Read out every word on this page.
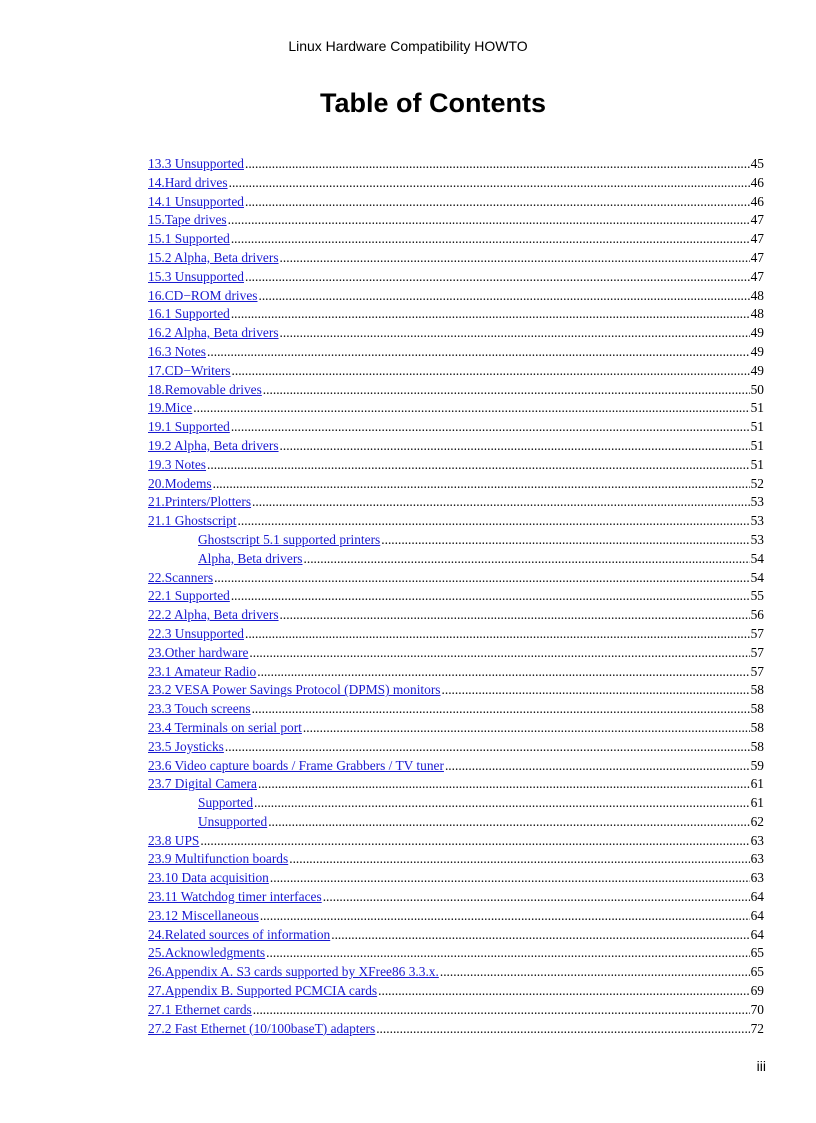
Linux Hardware Compatibility HOWTO
Table of Contents
13.3 Unsupported .....	45
14.Hard drives .....	46
14.1 Unsupported .....	46
15.Tape drives .....	47
15.1 Supported .....	47
15.2 Alpha, Beta drivers .....	47
15.3 Unsupported .....	47
16.CD−ROM drives .....	48
16.1 Supported .....	48
16.2 Alpha, Beta drivers .....	49
16.3 Notes .....	49
17.CD−Writers .....	49
18.Removable drives .....	50
19.Mice .....	51
19.1 Supported .....	51
19.2 Alpha, Beta drivers .....	51
19.3 Notes .....	51
20.Modems .....	52
21.Printers/Plotters .....	53
21.1 Ghostscript .....	53
Ghostscript 5.1 supported printers .....	53
Alpha, Beta drivers .....	54
22.Scanners .....	54
22.1 Supported .....	55
22.2 Alpha, Beta drivers .....	56
22.3 Unsupported .....	57
23.Other hardware .....	57
23.1 Amateur Radio .....	57
23.2 VESA Power Savings Protocol (DPMS) monitors .....	58
23.3 Touch screens .....	58
23.4 Terminals on serial port .....	58
23.5 Joysticks .....	58
23.6 Video capture boards / Frame Grabbers / TV tuner .....	59
23.7 Digital Camera .....	61
Supported .....	61
Unsupported .....	62
23.8 UPS .....	63
23.9 Multifunction boards .....	63
23.10 Data acquisition .....	63
23.11 Watchdog timer interfaces .....	64
23.12 Miscellaneous .....	64
24.Related sources of information .....	64
25.Acknowledgments .....	65
26.Appendix A. S3 cards supported by XFree86 3.3.x. .....	65
27.Appendix B. Supported PCMCIA cards .....	69
27.1 Ethernet cards .....	70
27.2 Fast Ethernet (10/100baseT) adapters .....	72
iii
